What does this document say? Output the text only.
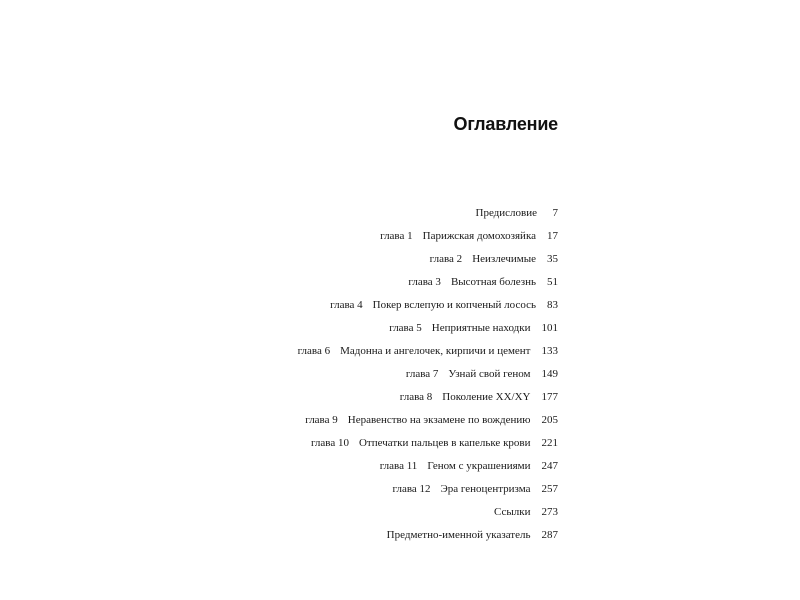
Оглавление
Предисловие	7
глава 1 Парижская домохозяйка 17
глава 2 Неизлечимые 35
глава 3 Высотная болезнь 51
глава 4 Покер вслепую и копченый лосось 83
глава 5 Неприятные находки 101
глава 6 Мадонна и ангелочек, кирпичи и цемент 133
глава 7 Узнай свой геном 149
глава 8 Поколение XX/XY 177
глава 9 Неравенство на экзамене по вождению 205
глава 10 Отпечатки пальцев в капельке крови 221
глава 11 Геном с украшениями 247
глава 12 Эра геноцентризма 257
Ссылки 273
Предметно-именной указатель 287
